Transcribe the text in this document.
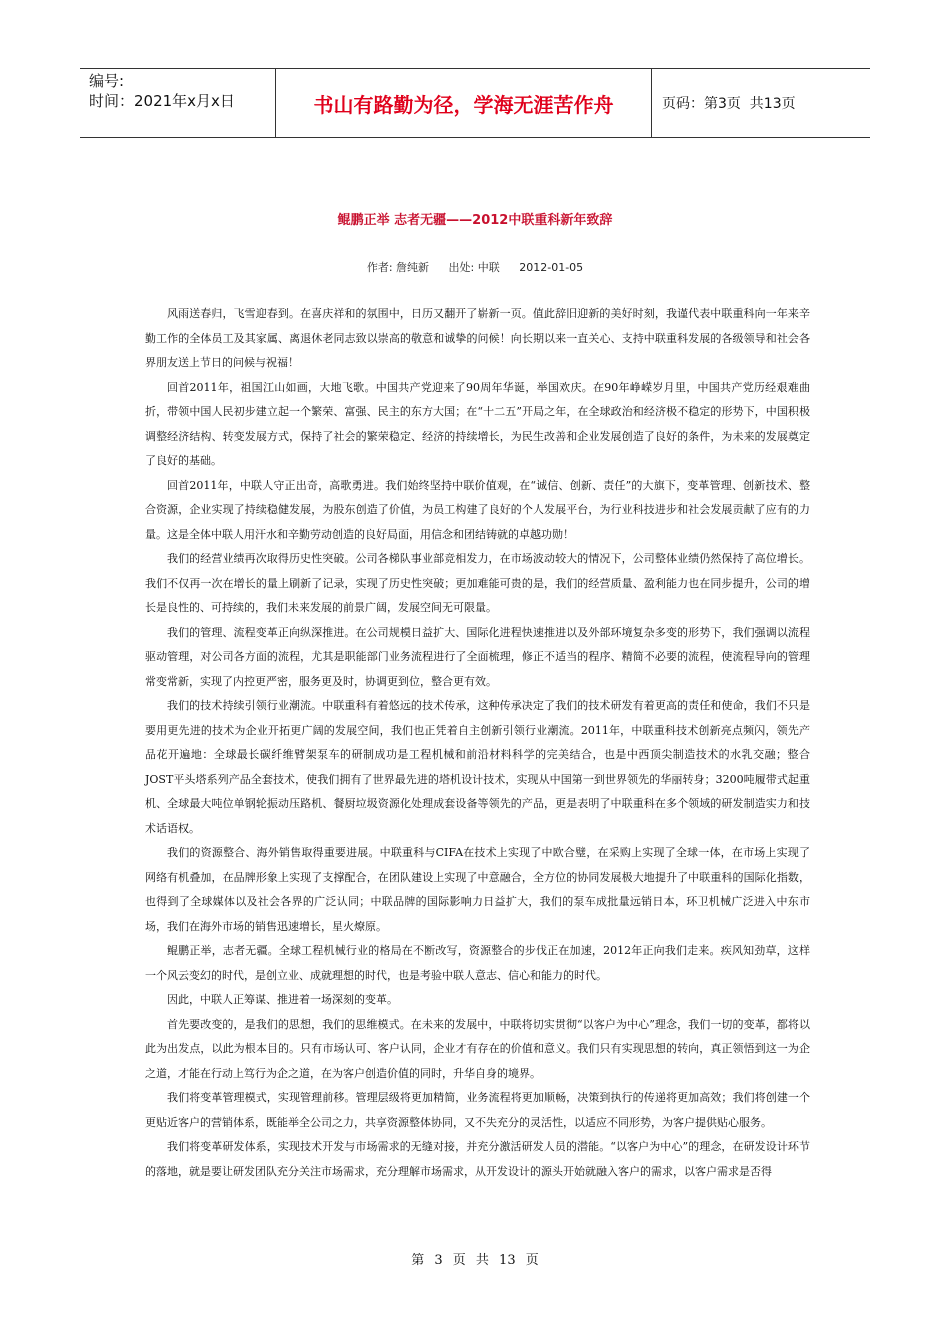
编号:
时间：2021年x月x日	书山有路勤为径，学海无涯苦作舟	页码：第3页  共13页
鲲鹏正举 志者无疆——2012中联重科新年致辞
作者: 詹纯新 出处: 中联 2012-01-05

风雨送春归，飞雪迎春到。在喜庆祥和的氛围中，日历又翻开了崭新一页。值此辞旧迎新的美好时刻，我谨代表中联重科向一年来辛勤工作的全体员工及其家属、离退休老同志致以崇高的敬意和诚挚的问候！向长期以来一直关心、支持中联重科发展的各级领导和社会各界朋友送上节日的问候与祝福！

回首2011年，祖国江山如画，大地飞歌。中国共产党迎来了90周年华诞，举国欢庆。在90年峥嵘岁月里，中国共产党历经艰难曲折，带领中国人民初步建立起一个繁荣、富强、民主的东方大国；在“十二五”开局之年，在全球政治和经济极不稳定的形势下，中国积极调整经济结构、转变发展方式，保持了社会的繁荣稳定、经济的持续增长，为民生改善和企业发展创造了良好的条件，为未来的发展奠定了良好的基础。

回首2011年，中联人守正出奇，高歌勇进。我们始终坚持中联价值观，在“诚信、创新、责任”的大旗下，变革管理、创新技术、整合资源，企业实现了持续稳健发展，为股东创造了价值，为员工构建了良好的个人发展平台，为行业科技进步和社会发展贡献了应有的力量。这是全体中联人用汗水和辛勤劳动创造的良好局面，用信念和团结铸就的卓越功勋！

我们的经营业绩再次取得历史性突破。公司各梯队事业部竞相发力，在市场波动较大的情况下，公司整体业绩仍然保持了高位增长。我们不仅再一次在增长的量上刷新了记录，实现了历史性突破；更加难能可贵的是，我们的经营质量、盈利能力也在同步提升，公司的增长是良性的、可持续的，我们未来发展的前景广阔，发展空间无可限量。

我们的管理、流程变革正向纵深推进。在公司规模日益扩大、国际化进程快速推进以及外部环境复杂多变的形势下，我们强调以流程驱动管理，对公司各方面的流程，尤其是职能部门业务流程进行了全面梳理，修正不适当的程序、精简不必要的流程，使流程导向的管理常变常新，实现了内控更严密，服务更及时，协调更到位，整合更有效。

我们的技术持续引领行业潮流。中联重科有着悠远的技术传承，这种传承决定了我们的技术研发有着更高的责任和使命，我们不只是要用更先进的技术为企业开拓更广阔的发展空间，我们也正凭着自主创新引领行业潮流。2011年，中联重科技术创新亮点频闪，领先产品花开遍地：全球最长碳纤维臂架泵车的研制成功是工程机械和前沿材料科学的完美结合，也是中西顶尖制造技术的水乳交融；整合JOST平头塔系列产品全套技术，使我们拥有了世界最先进的塔机设计技术，实现从中国第一到世界领先的华丽转身；3200吨履带式起重机、全球最大吨位单钢轮振动压路机、餐厨垃圾资源化处理成套设备等领先的产品，更是表明了中联重科在多个领域的研发制造实力和技术话语权。

我们的资源整合、海外销售取得重要进展。中联重科与CIFA在技术上实现了中欧合璧，在采购上实现了全球一体，在市场上实现了网络有机叠加，在品牌形象上实现了支撑配合，在团队建设上实现了中意融合，全方位的协同发展极大地提升了中联重科的国际化指数，也得到了全球媒体以及社会各界的广泛认同；中联品牌的国际影响力日益扩大，我们的泵车成批量远销日本，环卫机械广泛进入中东市场，我们在海外市场的销售迅速增长，星火燎原。

鲲鹏正举，志者无疆。全球工程机械行业的格局在不断改写，资源整合的步伐正在加速，2012年正向我们走来。疾风知劲草，这样一个风云变幻的时代，是创立业、成就理想的时代，也是考验中联人意志、信心和能力的时代。

因此，中联人正筹谋、推进着一场深刻的变革。

首先要改变的，是我们的思想，我们的思维模式。在未来的发展中，中联将切实贯彻“以客户为中心”理念，我们一切的变革，都将以此为出发点，以此为根本目的。只有市场认可、客户认同，企业才有存在的价值和意义。我们只有实现思想的转向，真正领悟到这一为企之道，才能在行动上笃行为企之道，在为客户创造价值的同时，升华自身的境界。

我们将变革管理模式，实现管理前移。管理层级将更加精简，业务流程将更加顺畅，决策到执行的传递将更加高效；我们将创建一个更贴近客户的营销体系，既能举全公司之力，共享资源整体协同，又不失充分的灵活性，以适应不同形势，为客户提供贴心服务。

我们将变革研发体系，实现技术开发与市场需求的无缝对接，并充分激活研发人员的潜能。“以客户为中心”的理念，在研发设计环节的落地，就是要让研发团队充分关注市场需求，充分理解市场需求，从开发设计的源头开始就融入客户的需求，以客户需求是否得

第 3 页 共 13 页
